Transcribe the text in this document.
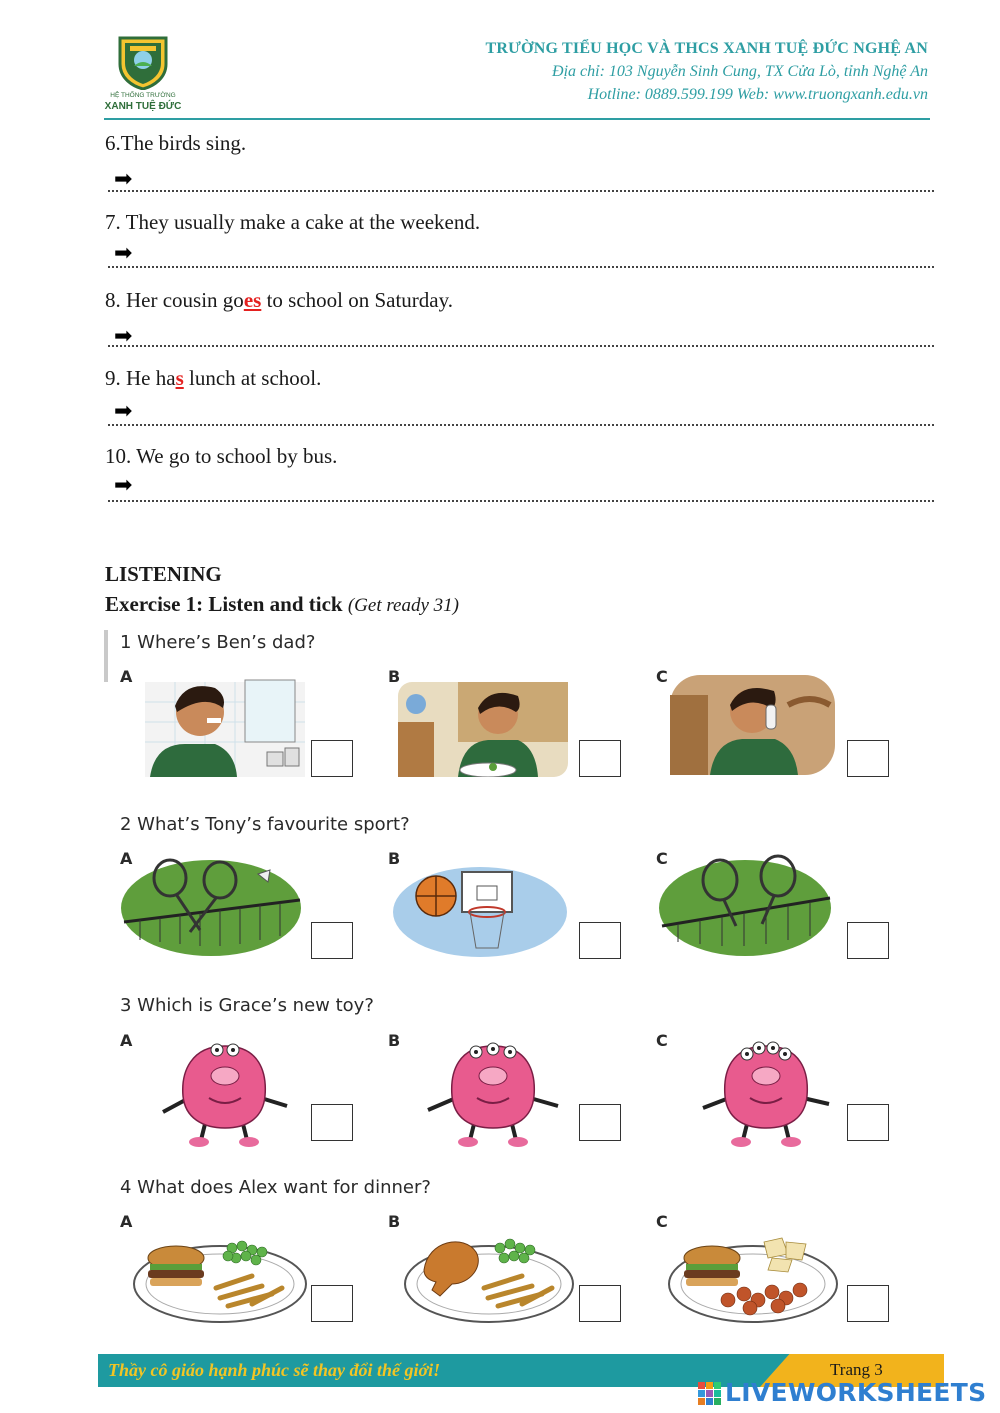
HỆ THỐNG TRƯỜNG
XANH TUỆ ĐỨC
TRƯỜNG TIỂU HỌC VÀ THCS XANH TUỆ ĐỨC NGHỆ AN
Địa chỉ: 103 Nguyễn Sinh Cung, TX Cửa Lò, tỉnh Nghệ An
Hotline: 0889.599.199 Web: www.truongxanh.edu.vn
6.The birds sing.
➡
7. They usually make a cake at the weekend.
➡
8. Her cousin goes to school on Saturday.
➡
9. He has lunch at school.
➡
10. We go to school by bus.
➡
LISTENING
Exercise 1: Listen and tick (Get ready 31)
1 Where’s Ben’s dad?
A	B	C
2 What’s Tony’s favourite sport?
A	B	C
3 Which is Grace’s new toy?
A	B	C
4 What does Alex want for dinner?
A	B	C
Thầy cô giáo hạnh phúc sẽ thay đổi thế giới!	Trang 3
LIVEWORKSHEETS
